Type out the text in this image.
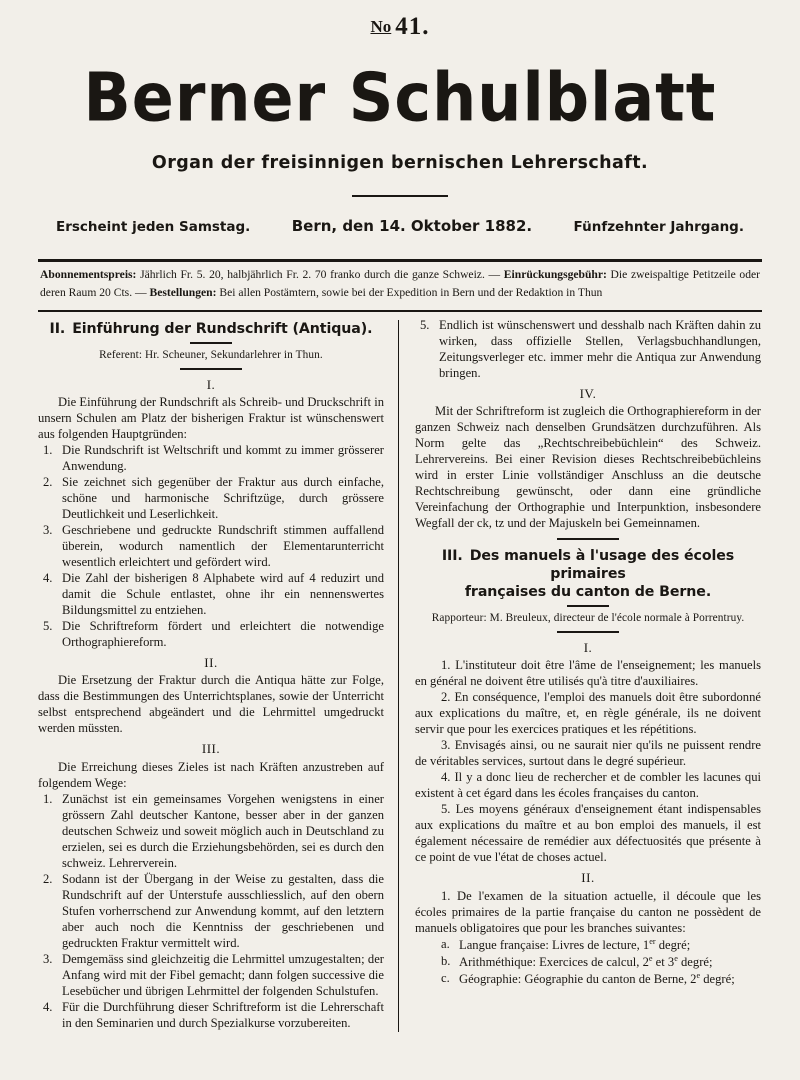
No 41.
Berner Schulblatt
Organ der freisinnigen bernischen Lehrerschaft.
Erscheint jeden Samstag.	Bern, den 14. Oktober 1882.	Fünfzehnter Jahrgang.
Abonnementspreis: Jährlich Fr. 5. 20, halbjährlich Fr. 2. 70 franko durch die ganze Schweiz. — Einrückungsgebühr: Die zweispaltige Petitzeile oder deren Raum 20 Cts. — Bestellungen: Bei allen Postämtern, sowie bei der Expedition in Bern und der Redaktion in Thun
II. Einführung der Rundschrift (Antiqua).
Referent: Hr. Scheuner, Sekundarlehrer in Thun.
I.

Die Einführung der Rundschrift als Schreib- und Druckschrift in unsern Schulen am Platz der bisherigen Fraktur ist wünschenswert aus folgenden Hauptgründen:

1. Die Rundschrift ist Weltschrift und kommt zu immer grösserer Anwendung.
2. Sie zeichnet sich gegenüber der Fraktur aus durch einfache, schöne und harmonische Schriftzüge, durch grössere Deutlichkeit und Leserlichkeit.
3. Geschriebene und gedruckte Rundschrift stimmen auffallend überein, wodurch namentlich der Elementarunterricht wesentlich erleichtert und gefördert wird.
4. Die Zahl der bisherigen 8 Alphabete wird auf 4 reduzirt und damit die Schule entlastet, ohne ihr ein nennenswertes Bildungsmittel zu entziehen.
5. Die Schriftreform fördert und erleichtert die notwendige Orthographiereform.
II.

Die Ersetzung der Fraktur durch die Antiqua hätte zur Folge, dass die Bestimmungen des Unterrichtsplanes, sowie der Unterricht selbst entsprechend abgeändert und die Lehrmittel umgedruckt werden müssten.

III.

Die Erreichung dieses Zieles ist nach Kräften anzustreben auf folgendem Wege:

1. Zunächst ist ein gemeinsames Vorgehen wenigstens in einer grössern Zahl deutscher Kantone, besser aber in der ganzen deutschen Schweiz und soweit möglich auch in Deutschland zu erzielen, sei es durch die Erziehungsbehörden, sei es durch den schweiz. Lehrerverein.
2. Sodann ist der Übergang in der Weise zu gestalten, dass die Rundschrift auf der Unterstufe ausschliesslich, auf den obern Stufen vorherrschend zur Anwendung kommt, auf den letztern aber auch noch die Kenntniss der geschriebenen und gedruckten Fraktur vermittelt wird.
3. Demgemäss sind gleichzeitig die Lehrmittel umzugestalten; der Anfang wird mit der Fibel gemacht; dann folgen successive die Lesebücher und übrigen Lehrmittel der folgenden Schulstufen.
4. Für die Durchführung dieser Schriftreform ist die Lehrerschaft in den Seminarien und durch Spezialkurse vorzubereiten.
5. Endlich ist wünschenswert und desshalb nach Kräften dahin zu wirken, dass offizielle Stellen, Verlagsbuchhandlungen, Zeitungsverleger etc. immer mehr die Antiqua zur Anwendung bringen.
IV.

Mit der Schriftreform ist zugleich die Orthographiereform in der ganzen Schweiz nach denselben Grundsätzen durchzuführen. Als Norm gelte das „Rechtschreibebüchlein“ des Schweiz. Lehrervereins. Bei einer Revision dieses Rechtschreibebüchleins wird in erster Linie vollständiger Anschluss an die deutsche Rechtschreibung gewünscht, oder dann eine gründliche Vereinfachung der Orthographie und Interpunktion, insbesondere Wegfall der ck, tz und der Majuskeln bei Gemeinnamen.

III. Des manuels à l'usage des écoles primaires
françaises du canton de Berne.
Rapporteur: M. Breuleux, directeur de l'école normale à Porrentruy.
I.

1. L'instituteur doit être l'âme de l'enseignement; les manuels en général ne doivent être utilisés qu'à titre d'auxiliaires.

2. En conséquence, l'emploi des manuels doit être subordonné aux explications du maître, et, en règle générale, ils ne doivent servir que pour les exercices pratiques et les répétitions.

3. Envisagés ainsi, ou ne saurait nier qu'ils ne puissent rendre de véritables services, surtout dans le degré supérieur.

4. Il y a donc lieu de rechercher et de combler les lacunes qui existent à cet égard dans les écoles françaises du canton.

5. Les moyens généraux d'enseignement étant indispensables aux explications du maître et au bon emploi des manuels, il est également nécessaire de remédier aux défectuosités que présente à ce point de vue l'état de choses actuel.

II.

1. De l'examen de la situation actuelle, il découle que les écoles primaires de la partie française du canton ne possèdent de manuels obligatoires que pour les branches suivantes:

a. Langue française: Livres de lecture, 1er degré;
b. Arithméthique: Exercices de calcul, 2e et 3e degré;
c. Géographie: Géographie du canton de Berne, 2e degré;
